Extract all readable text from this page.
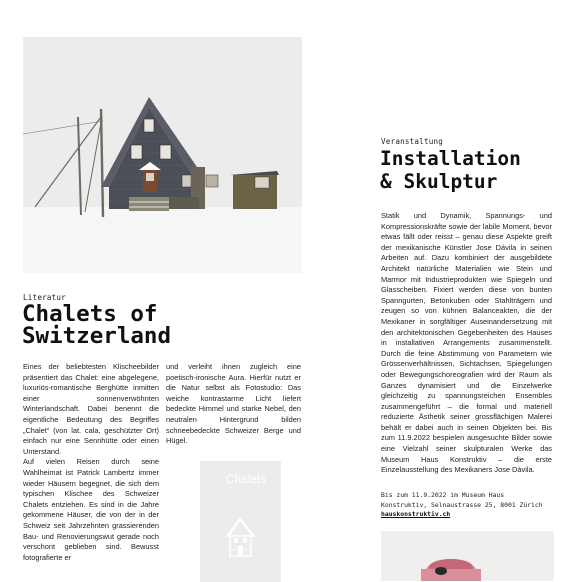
Literatur
Chalets of
Switzerland

Eines der beliebtesten Klischeebilder präsentiert das Chalet: eine abgelegene, luxuriös-romantische Berghütte inmitten einer sonnenverwöhnten Winterlandschaft. Dabei benennt die eigentliche Bedeutung des Begriffes „Chalet“ (von lat. cala, geschützter Ort) einfach nur eine Sennhütte oder einen Unterstand.

Auf vielen Reisen durch seine Wahlheimat ist Patrick Lambertz immer wieder Häusern begegnet, die sich dem typischen Klischee des Schweizer Chalets entziehen. Es sind in die Jahre gekommene Häuser, die von der in der Schweiz seit Jahrzehnten grassierenden Bau- und Renovierungswut gerade noch verschont geblieben sind. Bewusst fotografierte er

und verleiht ihnen zugleich eine poetisch-ironische Aura. Hierfür nutzt er die Natur selbst als Fotostudio: Das weiche kontrastarme Licht liefert bedeckte Himmel und starke Nebel, den neutralen Hintergrund bilden schneebedeckte Schweizer Berge und Hügel.

Chalets
Veranstaltung
Installation
& Skulptur

Statik und Dynamik, Spannungs- und Kompressionskräfte sowie der labile Moment, bevor etwas fällt oder reisst – genau diese Aspekte greift der mexikanische Künstler Jose Dávila in seinen Arbeiten auf. Dazu kombiniert der ausgebildete Architekt natürliche Materialien wie Stein und Marmor mit Industrieprodukten wie Spiegeln und Glasscheiben. Fixiert werden diese von bunten Spanngurten, Betonkuben oder Stahlträgern und zeugen so von kühnen Balanceakten, die der Mexikaner in sorgfältiger Auseinandersetzung mit den architektonischen Gegebenheiten des Hauses in installativen Arrangements zusammenstellt. Durch die feine Abstimmung von Parametern wie Grössenverhältnissen, Sichtachsen, Spiegelungen oder Bewegungschoreografien wird der Raum als Ganzes dynamisiert und die Einzelwerke gleichzeitig zu spannungsreichen Ensembles zusammengeführt – die formal und materiell reduzierte Ästhetik seiner grossflächigen Malerei behält er dabei auch in seinen Objekten bei. Bis zum 11.9.2022 bespielen ausgesuchte Bilder sowie eine Vielzahl seiner skulpturalen Werke das Museum Haus Konstruktiv – die erste Einzelausstellung des Mexikaners Jose Dávila.

Bis zum 11.9.2022 im Museum Haus
Konstruktiv, Selnaustrasse 25, 8001 Zürich
hauskonstruktiv.ch
